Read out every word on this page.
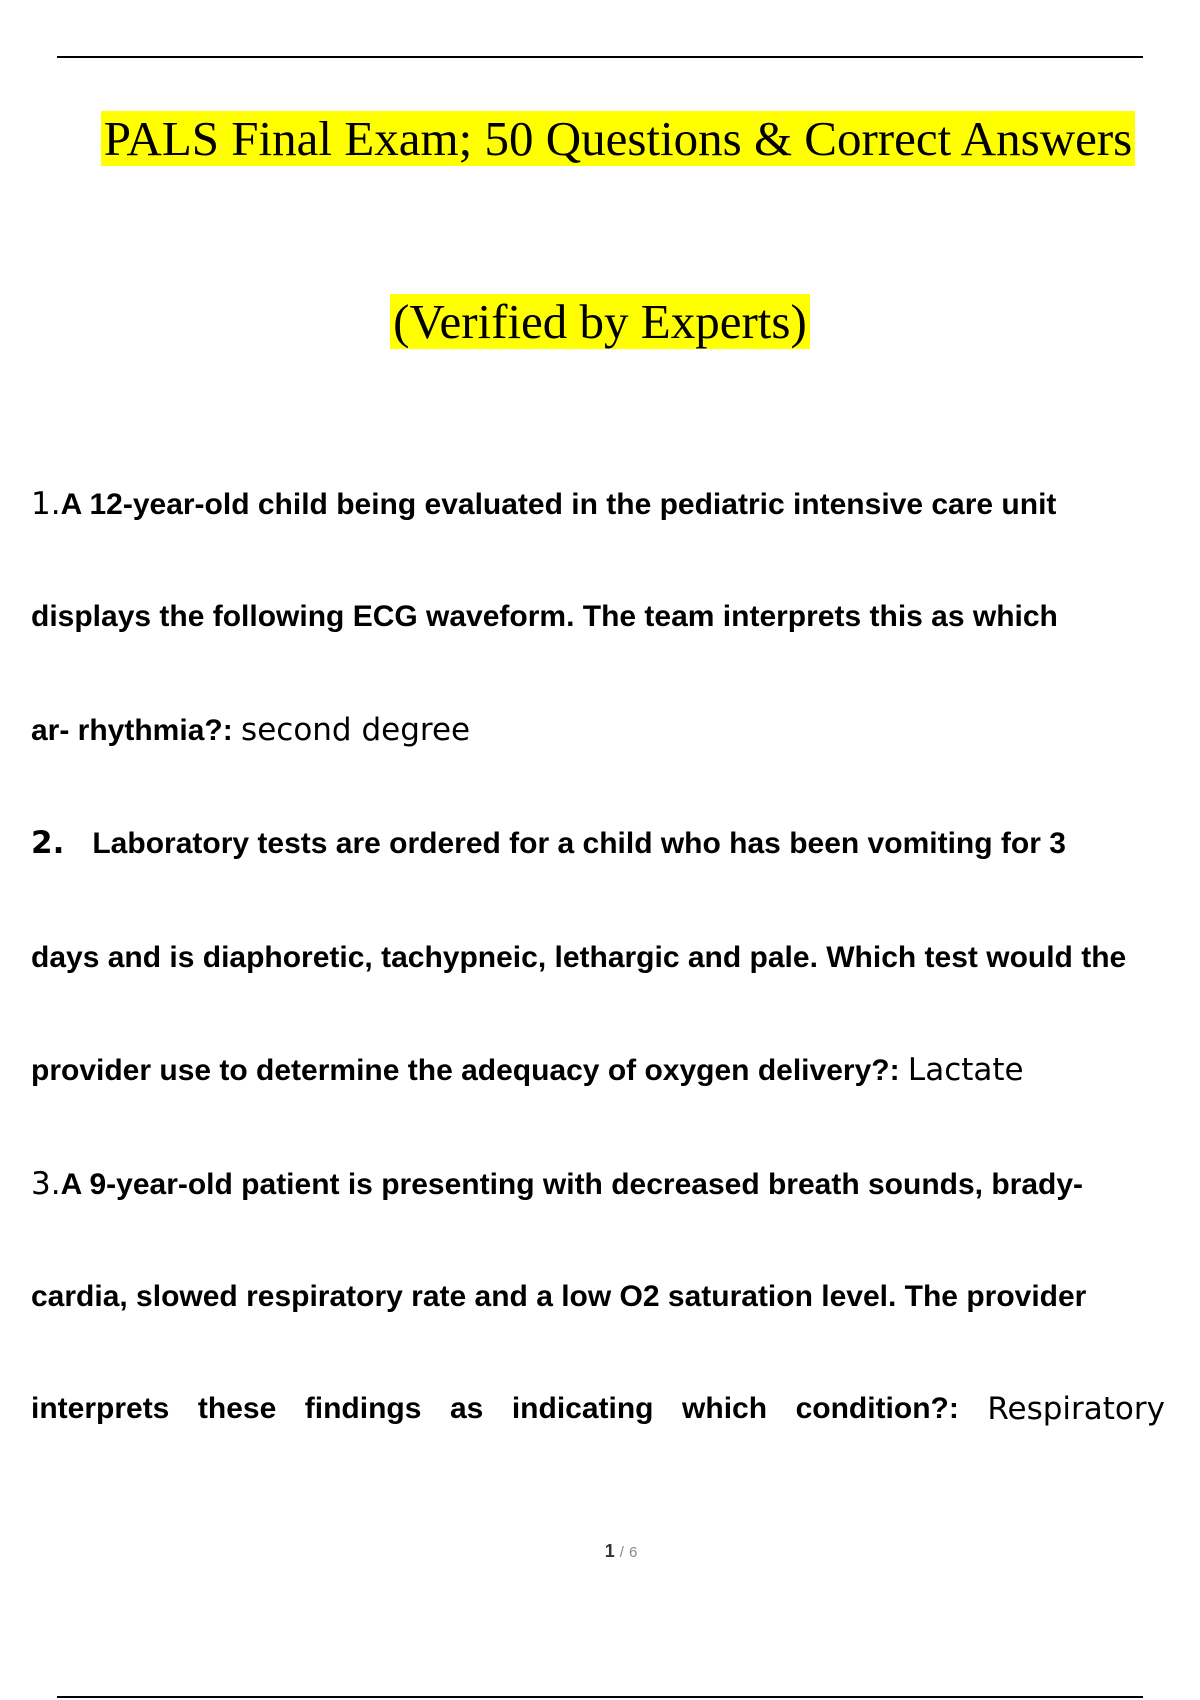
PALS Final Exam; 50 Questions & Correct Answers
(Verified by Experts)
1.A 12-year-old child being evaluated in the pediatric intensive care unit
displays the following ECG waveform. The team interprets this as which
ar- rhythmia?: second degree
2. Laboratory tests are ordered for a child who has been vomiting for 3
days and is diaphoretic, tachypneic, lethargic and pale. Which test would the
provider use to determine the adequacy of oxygen delivery?: Lactate
3.A 9-year-old patient is presenting with decreased breath sounds, brady-
cardia, slowed respiratory rate and a low O2 saturation level. The provider
interprets these findings as indicating which condition?: Respiratory
1 / 6
